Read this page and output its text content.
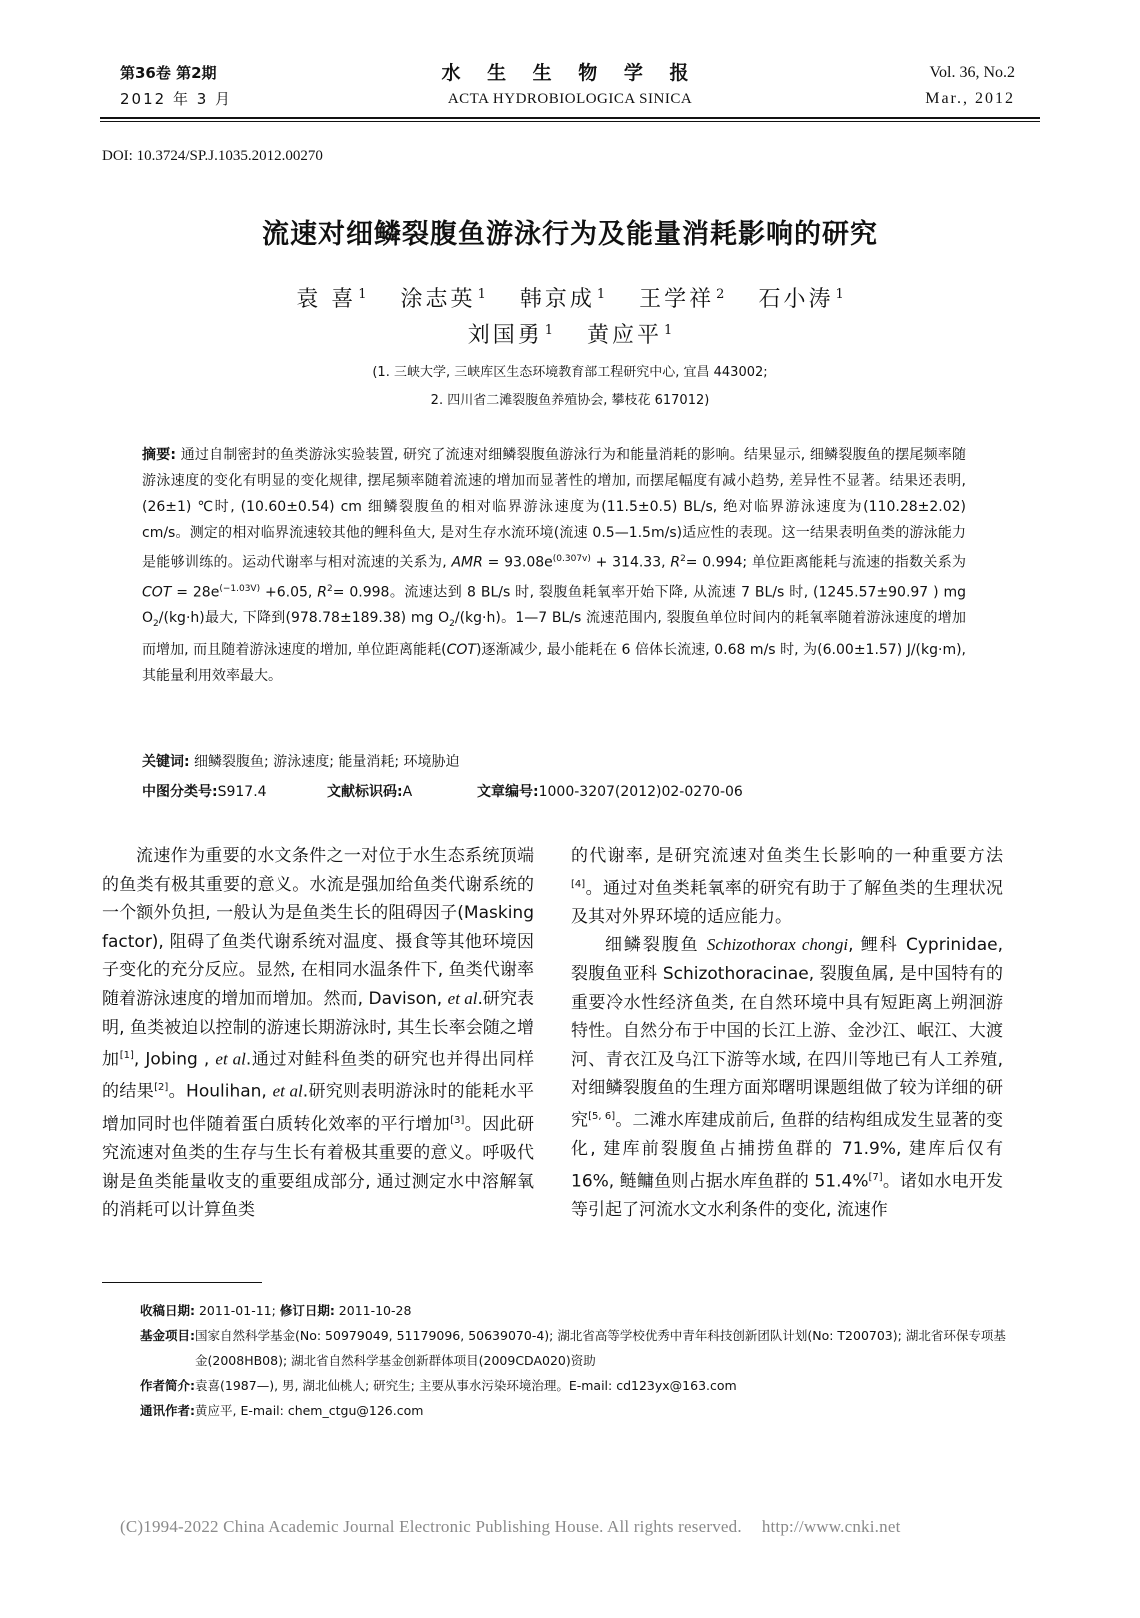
第36卷 第2期
2012 年 3 月
水 生 生 物 学 报
ACTA HYDROBIOLOGICA SINICA
Vol. 36, No.2
Mar., 2012
DOI: 10.3724/SP.J.1035.2012.00270
流速对细鳞裂腹鱼游泳行为及能量消耗影响的研究
袁 喜 $^1$ 涂志英 $^1$ 韩京成 $^1$ 王学祥 $^2$ 石小涛 $^1$
刘国勇 $^1$ 黄应平 $^1$
(1. 三峡大学, 三峡库区生态环境教育部工程研究中心, 宜昌 443002;
2. 四川省二滩裂腹鱼养殖协会, 攀枝花 617012)
摘要: 通过自制密封的鱼类游泳实验装置, 研究了流速对细鳞裂腹鱼游泳行为和能量消耗的影响。结果显示, 细鳞裂腹鱼的摆尾频率随游泳速度的变化有明显的变化规律, 摆尾频率随着流速的增加而显著性的增加, 而摆尾幅度有减小趋势, 差异性不显著。结果还表明, (26±1) ℃时, (10.60±0.54) cm 细鳞裂腹鱼的相对临界游泳速度为(11.5±0.5) BL/s, 绝对临界游泳速度为(110.28±2.02) cm/s。测定的相对临界流速较其他的鲤科鱼大, 是对生存水流环境(流速 0.5—1.5m/s)适应性的表现。这一结果表明鱼类的游泳能力是能够训练的。运动代谢率与相对流速的关系为, AMR = $93.08e^{(0.307v)} + 314.33$, $R^2= 0.994$; 单位距离能耗与流速的指数关系为 COT = $28e^{(-1.03V)} +6.05$, $R^2= 0.998$。流速达到 8 BL/s 时, 裂腹鱼耗氧率开始下降, 从流速 7 BL/s 时, (1245.57±90.97 ) mg $O_2/(kg\cdot h)$最大, 下降到(978.78±189.38) mg $O_2/(kg\cdot h)$。1—7 BL/s 流速范围内, 裂腹鱼单位时间内的耗氧率随着游泳速度的增加而增加, 而且随着游泳速度的增加, 单位距离能耗(COT)逐渐减少, 最小能耗在 6 倍体长流速, 0.68 m/s 时, 为(6.00±1.57) J/(kg·m), 其能量利用效率最大。
关键词: 细鳞裂腹鱼; 游泳速度; 能量消耗; 环境胁迫
中图分类号:S917.4	文献标识码:A	文章编号:1000-3207(2012)02-0270-06

流速作为重要的水文条件之一对位于水生态系统顶端的鱼类有极其重要的意义。水流是强加给鱼类代谢系统的一个额外负担, 一般认为是鱼类生长的阻碍因子(Masking factor), 阻碍了鱼类代谢系统对温度、摄食等其他环境因子变化的充分反应。显然, 在相同水温条件下, 鱼类代谢率随着游泳速度的增加而增加。然而, Davison, et al.研究表明, 鱼类被迫以控制的游速长期游泳时, 其生长率会随之增加[1], Jobing , et al.通过对鲑科鱼类的研究也并得出同样的结果[2]。Houlihan, et al.研究则表明游泳时的能耗水平增加同时也伴随着蛋白质转化效率的平行增加[3]。因此研究流速对鱼类的生存与生长有着极其重要的意义。呼吸代谢是鱼类能量收支的重要组成部分, 通过测定水中溶解氧的消耗可以计算鱼类

的代谢率, 是研究流速对鱼类生长影响的一种重要方法[4]。通过对鱼类耗氧率的研究有助于了解鱼类的生理状况及其对外界环境的适应能力。

细鳞裂腹鱼 Schizothorax chongi, 鲤科 Cyprinidae, 裂腹鱼亚科 Schizothoracinae, 裂腹鱼属, 是中国特有的重要冷水性经济鱼类, 在自然环境中具有短距离上朔洄游特性。自然分布于中国的长江上游、金沙江、岷江、大渡河、青衣江及乌江下游等水域, 在四川等地已有人工养殖, 对细鳞裂腹鱼的生理方面郑曙明课题组做了较为详细的研究[5, 6]。二滩水库建成前后, 鱼群的结构组成发生显著的变化, 建库前裂腹鱼占捕捞鱼群的 71.9%, 建库后仅有 16%, 鲢鳙鱼则占据水库鱼群的 51.4%[7]。诸如水电开发等引起了河流水文水利条件的变化, 流速作

收稿日期: 2011-01-11; 修订日期: 2011-10-28
基金项目: 国家自然科学基金(No: 50979049, 51179096, 50639070-4); 湖北省高等学校优秀中青年科技创新团队计划(No: T200703); 湖北省环保专项基金(2008HB08); 湖北省自然科学基金创新群体项目(2009CDA020)资助
作者简介: 袁喜(1987—), 男, 湖北仙桃人; 研究生; 主要从事水污染环境治理。E-mail: cd123yx@163.com
通讯作者: 黄应平, E-mail: chem_ctgu@126.com
(C)1994-2022 China Academic Journal Electronic Publishing House. All rights reserved. http://www.cnki.net
